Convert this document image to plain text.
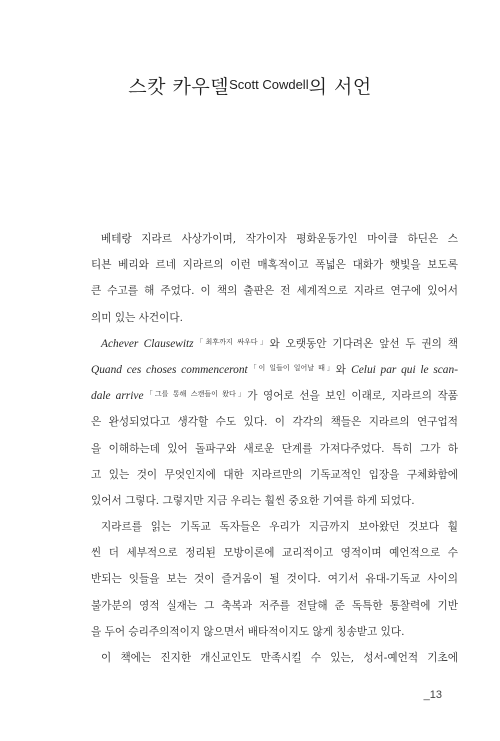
스캇 카우델$^{Scott Cowdell}$의 서언
베테랑 지라르 사상가이며, 작가이자 평화운동가인 마이클 하딘은 스
티븐 베리와 르네 지라르의 이런 매혹적이고 폭넓은 대화가 햇빛을 보도록
큰 수고를 해 주었다. 이 책의 출판은 전 세계적으로 지라르 연구에 있어서
의미 있는 사건이다.
Achever Clausewitz$^{「최후까지 싸우다」}$와 오랫동안 기다려온 앞선 두 권의 책
Quand ces choses commenceront$^{「이 일들이 일어날 때」}$와 Celui par qui le scan-
dale arrive$^{「그를 통해 스캔들이 왔다」}$가 영어로 선을 보인 이래로, 지라르의 작품
은 완성되었다고 생각할 수도 있다. 이 각각의 책들은 지라르의 연구업적
을 이해하는데 있어 돌파구와 새로운 단계를 가져다주었다. 특히 그가 하
고 있는 것이 무엇인지에 대한 지라르만의 기독교적인 입장을 구체화함에
있어서 그렇다. 그렇지만 지금 우리는 훨씬 중요한 기여를 하게 되었다.
지라르를 읽는 기독교 독자들은 우리가 지금까지 보아왔던 것보다 훨
씬 더 세부적으로 정리된 모방이론에 교리적이고 영적이며 예언적으로 수
반되는 잇들을 보는 것이 즐거움이 될 것이다. 여기서 유대-기독교 사이의
불가분의 영적 실재는 그 축복과 저주를 전달해 준 독특한 통찰력에 기반
을 두어 승리주의적이지 않으면서 배타적이지도 않게 칭송받고 있다.
이 책에는 진지한 개신교인도 만족시킬 수 있는, 성서-예언적 기초에
_13
